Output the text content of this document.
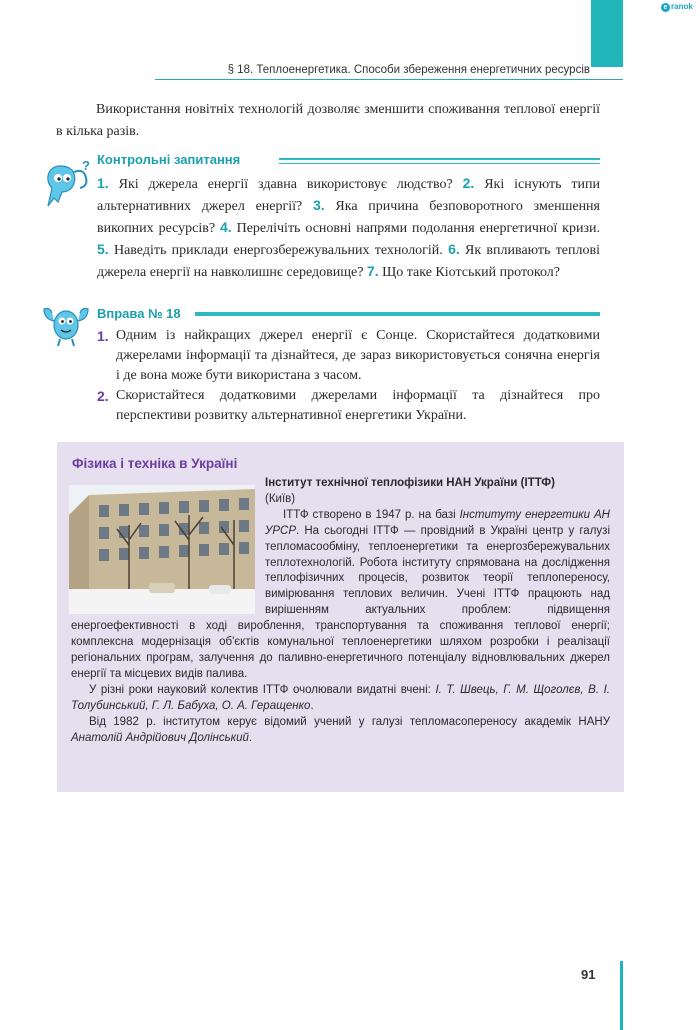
e ranok
§ 18. Теплоенергетика. Способи збереження енергетичних ресурсів

Використання новітніх технологій дозволяє зменшити споживання теплової енергії в кілька разів.

? Контрольні запитання
1. Які джерела енергії здавна використовує людство? 2. Які існують типи альтернативних джерел енергії? 3. Яка причина безповоротного зменшення викопних ресурсів? 4. Перелічіть основні напрями подолання енергетичної кризи. 5. Наведіть приклади енергозбережувальних технологій. 6. Як впливають теплові джерела енергії на навколишнє середовище? 7. Що таке Кіотський протокол?
Вправа № 18
1. Одним із найкращих джерел енергії є Сонце. Скористайтеся додатковими джерелами інформації та дізнайтеся, де зараз використовується сонячна енергія і де вона може бути використана з часом.
2. Скористайтеся додатковими джерелами інформації та дізнайтеся про перспективи розвитку альтернативної енергетики України.
Фізика і техніка в Україні

Інститут технічної теплофізики НАН України (ІТТФ)

(Київ)

ІТТФ створено в 1947 р. на базі Інституту енергетики АН УРСР. На сьогодні ІТТФ — провідний в Україні центр у галузі тепломасообміну, теплоенергетики та енергозбережувальних теплотехнологій. Робота інституту спрямована на дослідження теплофізичних процесів, розвиток теорії теплопереносу, вимірювання теплових величин. Учені ІТТФ працюють над вирішенням актуальних проблем: підвищення енергоефективності в ході вироблення, транспортування та споживання теплової енергії; комплексна модернізація об'єктів комунальної теплоенергетики шляхом розробки і реалізації регіональних програм, залучення до паливно-енергетичного потенціалу відновлювальних джерел енергії та місцевих видів палива.

У різні роки науковий колектив ІТТФ очолювали видатні вчені: І. Т. Швець, Г. М. Щоголєв, В. І. Толубинський, Г. Л. Бабуха, О. А. Геращенко.

Від 1982 р. інститутом керує відомий учений у галузі тепломасопереносу академік НАНУ Анатолій Андрійович Долінський.

91
